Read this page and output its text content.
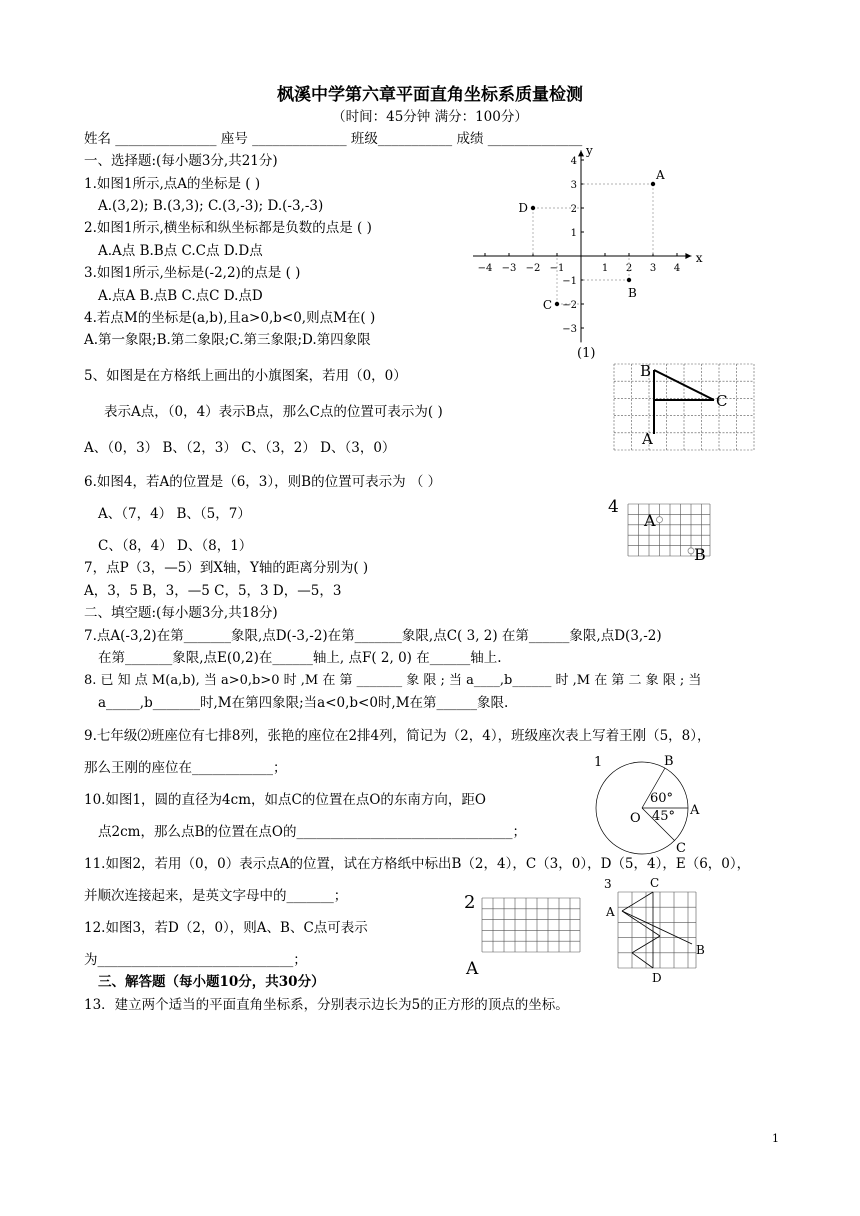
枫溪中学第六章平面直角坐标系质量检测
（时间：45分钟 满分：100分）
姓名 _______________ 座号 ______________ 班级___________ 成绩 ______________
一、选择题:(每小题3分,共21分)
1.如图1所示,点A的坐标是 ( )
A.(3,2); B.(3,3); C.(3,-3); D.(-3,-3)
2.如图1所示,横坐标和纵坐标都是负数的点是 ( )
A.A点 B.B点 C.C点 D.D点
3.如图1所示,坐标是(-2,2)的点是 ( )
A.点A B.点B C.点C D.点D
4.若点M的坐标是(a,b),且a>0,b<0,则点M在( )
A.第一象限;B.第二象限;C.第三象限;D.第四象限
5、如图是在方格纸上画出的小旗图案，若用（0，0）
表示A点，（0，4）表示B点，那么C点的位置可表示为( )
A、（0，3） B、（2，3） C、（3，2） D、（3，0）
6.如图4，若A的位置是（6，3），则B的位置可表示为 （ ）
A、（7，4） B、（5，7）
C、（8，4） D、（8，1）
7，点P（3，—5）到X轴，Y轴的距离分别为( )
A，3，5 B，3，—5 C，5，3 D，—5，3
二、填空题:(每小题3分,共18分)
7.点A(-3,2)在第_______象限,点D(-3,-2)在第_______象限,点C( 3, 2) 在第______象限,点D(3,-2)
在第_______象限,点E(0,2)在______轴上, 点F( 2, 0) 在______轴上.
8. 已 知 点 M(a,b), 当 a>0,b>0 时 ,M 在 第 _______ 象 限 ; 当 a____,b______ 时 ,M 在 第 二 象 限 ; 当
a_____,b_______时,M在第四象限;当a<0,b<0时,M在第______象限.
9.七年级⑵班座位有七排8列，张艳的座位在2排4列，简记为（2，4），班级座次表上写着王刚（5，8），
那么王刚的座位在____________；
10.如图1，圆的直径为4cm，如点C的位置在点O的东南方向，距O
点2cm，那么点B的位置在点O的________________________________；
11.如图2，若用（0，0）表示点A的位置，试在方格纸中标出B（2，4），C（3，0），D（5，4），E（6，0），
并顺次连接起来，是英文字母中的_______；
12.如图3，若D（2，0），则A、B、C点可表示
为_____________________________；
三、解答题（每小题10分，共30分）
13．建立两个适当的平面直角坐标系，分别表示边长为5的正方形的顶点的坐标。
x
y
−4 −3 −2 −1	1 2 3 4
4
3
2
1
−1
−2
−3
A
B
C
D
(1)
B
C
A
4
A
B
1	B
60°
A
O 45°
C
2
A
3	C
A
B
D
1
